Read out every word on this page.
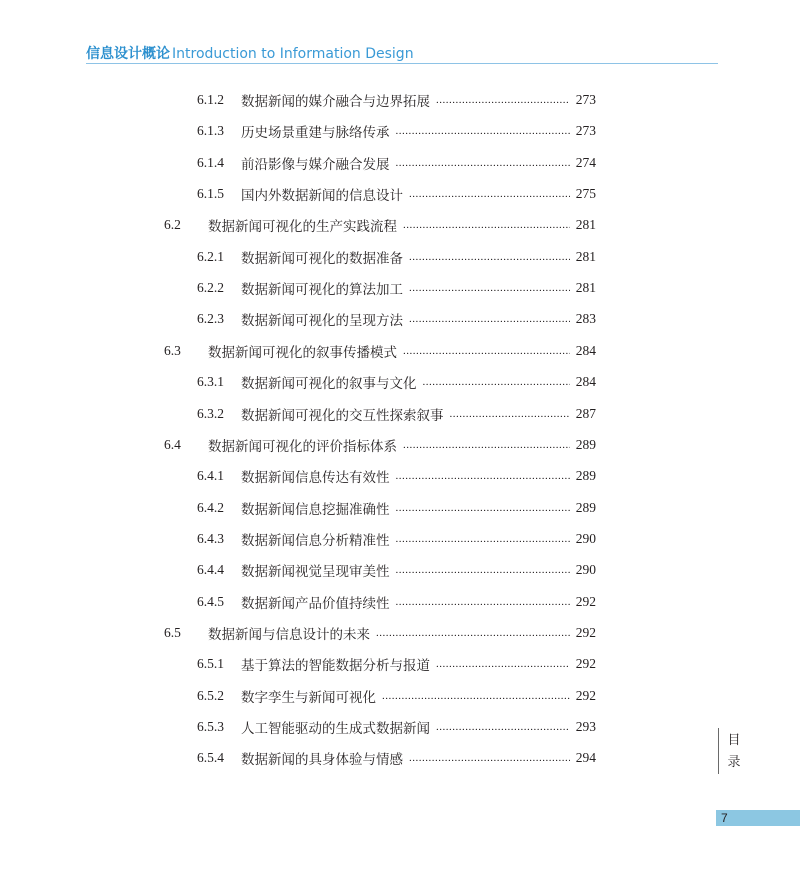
信息设计概论 Introduction to Information Design
6.1.2	数据新闻的媒介融合与边界拓展 .....	273
6.1.3	历史场景重建与脉络传承 .....	273
6.1.4	前沿影像与媒介融合发展 .....	274
6.1.5	国内外数据新闻的信息设计 .....	275
6.2	数据新闻可视化的生产实践流程 .....	281
6.2.1	数据新闻可视化的数据准备 .....	281
6.2.2	数据新闻可视化的算法加工 .....	281
6.2.3	数据新闻可视化的呈现方法 .....	283
6.3	数据新闻可视化的叙事传播模式 .....	284
6.3.1	数据新闻可视化的叙事与文化 .....	284
6.3.2	数据新闻可视化的交互性探索叙事 .....	287
6.4	数据新闻可视化的评价指标体系 .....	289
6.4.1	数据新闻信息传达有效性 .....	289
6.4.2	数据新闻信息挖掘准确性 .....	289
6.4.3	数据新闻信息分析精准性 .....	290
6.4.4	数据新闻视觉呈现审美性 .....	290
6.4.5	数据新闻产品价值持续性 .....	292
6.5	数据新闻与信息设计的未来 .....	292
6.5.1	基于算法的智能数据分析与报道 .....	292
6.5.2	数字孪生与新闻可视化 .....	292
6.5.3	人工智能驱动的生成式数据新闻 .....	293
6.5.4	数据新闻的具身体验与情感 .....	294
目
录
7
